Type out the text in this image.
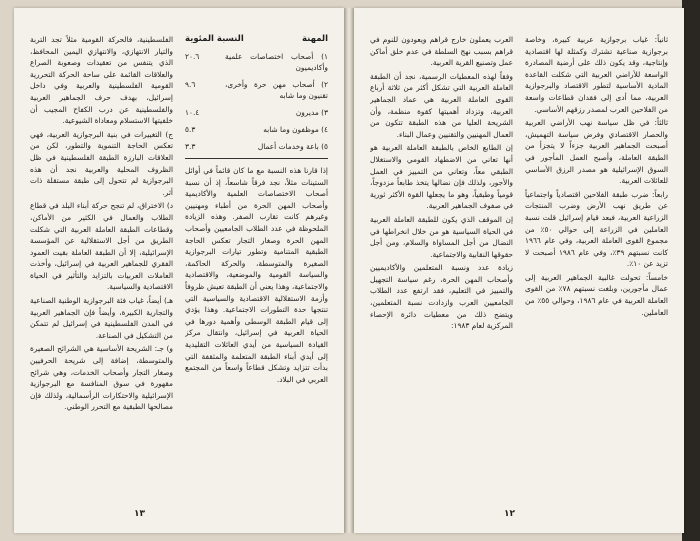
المهنة
النسبة المئوية
١) أصحاب اختصاصات علمية وأكاديميون
٢٠.٦
٢) أصحاب مهن حرة وأخرى، تقنيون وما شابه
٩.٦
٣) مديرون
١٠.٤
٤) موظفون وما شابه
٥.٣
٥) باعة وخدمات أعمال
٣.٣

إذا قارنا هذه النسبة مع ما كان قائماً في أوائل الستينات مثلاً، نجد فرقاً شاسعاً، إذ أن نسبة أصحاب الاختصاصات العلمية والأكاديمية وأصحاب المهن الحرة من أطباء ومهنيين وغيرهم كانت تقارب الصفر. وهذه الزيادة الملحوظة في عدد الطلاب الجامعيين وأصحاب المهن الحرة وصغار التجار تعكس الحاجة الطبقية المتنامية وتطور تيارات البرجوازية الصغيرة والمتوسطة، والحركة الحاكمة، والسياسة القومية والموضعية، والاقتصادية والاجتماعية، وهذا يعني أن الطبقة تعيش ظروفاً وأزمة الاستقلالية الاقتصادية والسياسية التي تنتجها حدة التطورات الاجتماعية. وهذا يؤدي إلى قيام الطبقة الوسطى وأهمية دورها في الحياة العربية في إسرائيل، وانتقال مركز القيادة السياسية من أيدي العائلات التقليدية إلى أيدي أبناء الطبقة المتعلمة والمثقفة التي بدأت تتزايد وتشكل قطاعاً واسعاً من المجتمع العربي في البلاد.

الفلسطينية، فالحركة القومية مثلاً تجد التربة والتيار الانتهازي، والانتهازي اليمين المحافظ، الذي يتنفس من تعقيدات وصعوبة الصراع والعلاقات القائمة على ساحة الحركة التحررية القومية الفلسطينية والعربية وفي داخل إسرائيل، بهدف حرف الجماهير العربية والفلسطينية عن درب الكفاح المجيب أن خلفيتها الاستسلام ومعاداة الشيوعية.

ج) التغييرات في بنية البرجوازية العربية، فهي تعكس الحاجة التنموية والتطور، لكن من العلاقات البارزة الطبقة الفلسطينية في ظل الظروف المحلية والعربية نجد أن هذه البرجوازية لم تتحول إلى طبقة مستقلة ذات أثر.

د) الاختراق، لم تنجح حركة أبناء البلد في قطاع الطلاب والعمال في الكثير من الأماكن، وقطاعات الطبقة العاملة العربية التي شكلت الطريق من أجل الاستقلالية عن المؤسسة الإسرائيلية، إلا أن الطبقة العاملة بقيت العمود الفقري للجماهير العربية في إسرائيل، وأخذت العاملات العربيات بالتزايد والتأثير في الحياة الاقتصادية والسياسية.

هـ) أيضاً، غياب فئة البرجوازية الوطنية الصناعية والتجارية الكبيرة، وأيضاً فإن الجماهير العربية في المدن الفلسطينية في إسرائيل لم تتمكن من التشكيل في الصناعة.

و) جـ: الشريحة الأساسية هي الشرائح الصغيرة والمتوسطة، إضافة إلى شريحة الحرفيين وصغار التجار وأصحاب الخدمات، وهي شرائح مقهورة في سوق المنافسة مع البرجوازية الإسرائيلية والاحتكارات الرأسمالية، ولذلك فإن مصالحها الطبقية مع التحرر الوطني.

١٣

ثانياً: غياب برجوازية عربية كبيرة، وخاصة برجوازية صناعية تشترك وكمثلة لها اقتصادية وإنتاجية، وقد يكون ذلك على أرضية المصادرة الواسعة للأراضي العربية التي شكلت القاعدة المادية الأساسية لتطور الاقتصاد والبرجوازية العربية، مما أدى إلى فقدان قطاعات واسعة من الفلاحين العرب لمصدر رزقهم الأساسي.

ثالثاً: في ظل سياسة نهب الأراضي العربية والحصار الاقتصادي وفرض سياسة التهميش، أصبحت الجماهير العربية جزءاً لا يتجزأ من الطبقة العاملة، وأصبح العمل المأجور في السوق الإسرائيلية هو مصدر الرزق الأساسي للعائلات العربية.

رابعاً: ضرب طبقة الفلاحين اقتصادياً واجتماعياً عن طريق نهب الأرض وضرب المنتجات الزراعية العربية، فبعد قيام إسرائيل قلت نسبة العاملين في الزراعة إلى حوالي ٥٠٪ من مجموع القوى العاملة العربية، وفي عام ١٩٦٦ كانت نسبتهم ٣٩٪، وفي عام ١٩٨٦ أصبحت لا تزيد عن ١٠٪.

خامساً: تحولت غالبية الجماهير العربية إلى عمال مأجورين، وبلغت نسبتهم ٧٨٪ من القوى العاملة العربية في عام ١٩٨٦، وحوالي ٥٥٪ من العاملين.

العرب يعملون خارج قراهم ويعودون للنوم في قراهم بسبب نهج السلطة في عدم خلق أماكن عمل وتصنيع القرية العربية.

وفقاً لهذه المعطيات الرسمية، نجد أن الطبقة العاملة العربية التي تشكل أكثر من ثلاثة أرباع القوى العاملة العربية هي عماد الجماهير العربية، وتزداد أهميتها كقوة منظمة، وأن الشريحة العليا من هذه الطبقة تتكون من العمال المهنيين والتقنيين وعمال البناء.

إن الطابع الخاص بالطبقة العاملة العربية هو أنها تعاني من الاضطهاد القومي والاستغلال الطبقي معاً، وتعاني من التمييز في العمل والأجور، ولذلك فإن نضالها يتخذ طابعاً مزدوجاً، قومياً وطبقياً، وهو ما يجعلها القوة الأكثر ثورية في صفوف الجماهير العربية.

إن الموقف الذي يكون للطبقة العاملة العربية في الحياة السياسية هو من خلال انخراطها في النضال من أجل المساواة والسلام، ومن أجل حقوقها النقابية والاجتماعية.

زيادة عدد ونسبة المتعلمين والأكاديميين وأصحاب المهن الحرة، رغم سياسة التجهيل والتمييز في التعليم، فقد ارتفع عدد الطلاب الجامعيين العرب وازدادت نسبة المتعلمين، ويتضح ذلك من معطيات دائرة الإحصاء المركزية لعام ١٩٨٣:

١٢
